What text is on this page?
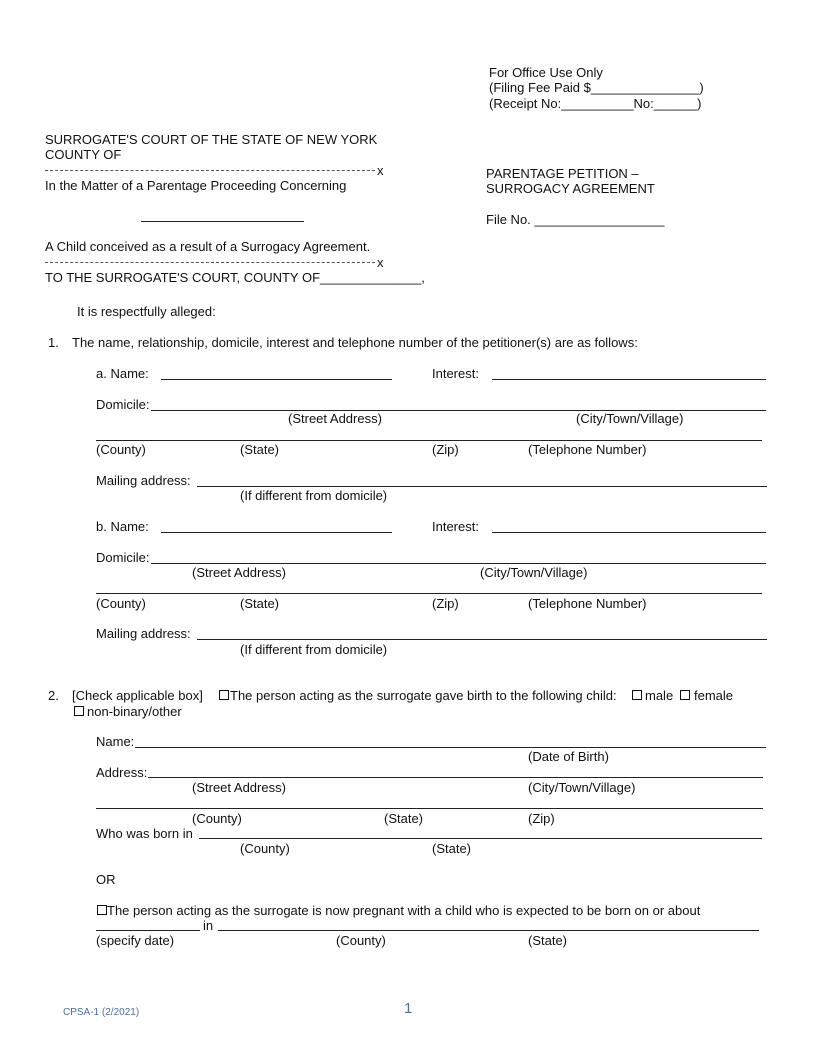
For Office Use Only
(Filing Fee Paid $_______________)
(Receipt No:__________No:______)
SURROGATE'S COURT OF THE STATE OF NEW YORK
COUNTY OF
x
In the Matter of a Parentage Proceeding Concerning
A Child conceived as a result of a Surrogacy Agreement.
x
PARENTAGE PETITION –
SURROGACY AGREEMENT
File No. __________________
TO THE SURROGATE'S COURT, COUNTY OF______________,
It is respectfully alleged:
1. The name, relationship, domicile, interest and telephone number of the petitioner(s) are as follows:
a. Name:	Interest:
Domicile:
(Street Address)	(City/Town/Village)
(County)	(State)	(Zip)	(Telephone Number)
Mailing address:
(If different from domicile)
b. Name:	Interest:
Domicile:
(Street Address)	(City/Town/Village)
(County)	(State)	(Zip)	(Telephone Number)
Mailing address:
(If different from domicile)
2. [Check applicable box] The person acting as the surrogate gave birth to the following child: male female
non-binary/other
Name:
(Date of Birth)
Address:
(Street Address)	(City/Town/Village)
(County)	(State)	(Zip)
Who was born in
(County)	(State)
OR
The person acting as the surrogate is now pregnant with a child who is expected to be born on or about
in
(specify date)	(County)	(State)
CPSA-1 (2/2021)	1
